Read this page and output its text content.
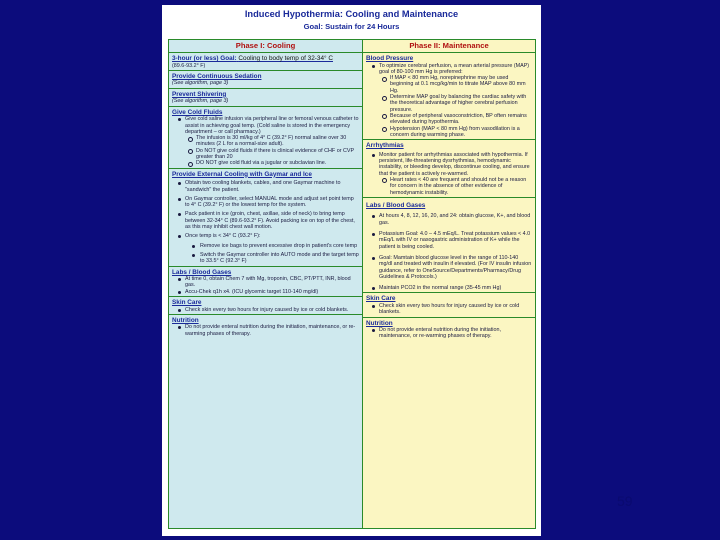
Induced Hypothermia: Cooling and Maintenance
Goal: Sustain for 24 Hours
Phase I: Cooling
3-hour (or less) Goal: Cooling to body temp of 32-34° C
(89.6-93.2° F)
Provide Continuous Sedation
(See algorithm, page 3)
Prevent Shivering
(See algorithm, page 3)
Give Cold Fluids
Give cold saline infusion via peripheral line or femoral venous catheter to assist in achieving goal temp. (Cold saline is stored in the emergency department – or call pharmacy.)
The infusion is 30 ml/kg of 4° C (39.2° F) normal saline over 30 minutes (2 L for a normal-size adult).
Do NOT give cold fluids if there is clinical evidence of CHF or CVP greater than 20
DO NOT give cold fluid via a jugular or subclavian line.
Provide External Cooling with Gaymar and Ice
Obtain two cooling blankets, cables, and one Gaymar machine to "sandwich" the patient.
On Gaymar controller, select MANUAL mode and adjust set point temp to 4° C (39.2° F) or the lowest temp for the system.
Pack patient in ice (groin, chest, axillae, side of neck) to bring temp between 32-34° C (89.6-93.2° F). Avoid packing ice on top of the chest, as this may inhibit chest wall motion.
Once temp is < 34° C (93.2° F):
Remove ice bags to prevent excessive drop in patient's core temp
Switch the Gaymar controller into AUTO mode and the target temp to 33.5° C (92.3° F)
Labs / Blood Gases
At time 0, obtain Chem 7 with Mg, troponin, CBC, PT/PTT, INR, blood gas.
Accu-Chek q1h x4. (ICU glycemic target 110-140 mg/dl)
Skin Care
Check skin every two hours for injury caused by ice or cold blankets.
Nutrition
Do not provide enteral nutrition during the initiation, maintenance, or re-warming phases of therapy.
Phase II: Maintenance
Blood Pressure
To optimize cerebral perfusion, a mean arterial pressure (MAP) goal of 80-100 mm Hg is preferred:
If MAP < 80 mm Hg, norepinephrine may be used beginning at 0.1 mcg/kg/min to titrate MAP above 80 mm Hg.
Determine MAP goal by balancing the cardiac safety with the theoretical advantage of higher cerebral perfusion pressure.
Because of peripheral vasoconstriction, BP often remains elevated during hypothermia.
Hypotension (MAP < 80 mm Hg) from vasodilation is a concern during warming phase.
Arrhythmias
Monitor patient for arrhythmias associated with hypothermia. If persistent, life-threatening dysrhythmias, hemodynamic instability, or bleeding develop, discontinue cooling, and ensure that the patient is actively re-warmed.
Heart rates < 40 are frequent and should not be a reason for concern in the absence of other evidence of hemodynamic instability.
Labs / Blood Gases
At hours 4, 8, 12, 16, 20, and 24: obtain glucose, K+, and blood gas.
Potassium Goal: 4.0 – 4.5 mEq/L. Treat potassium values < 4.0 mEq/L with IV or nasogastric administration of K+ while the patient is being cooled.
Goal: Mamtain blood glucose level in the range of 110-140 mg/dl and treated with insulin if elevated. (For IV insulin infusion guidance, refer to OneSource/Departments/Pharmacy/Drug Guidelines & Protocols.)
Maintain PCO2 in the normal range (35-45 mm Hg)
Skin Care
Check skin every two hours for injury caused by ice or cold blankets.
Nutrition
Do not provide enteral nutrition during the initiation, maintenance, or re-warming phases of therapy.
59
